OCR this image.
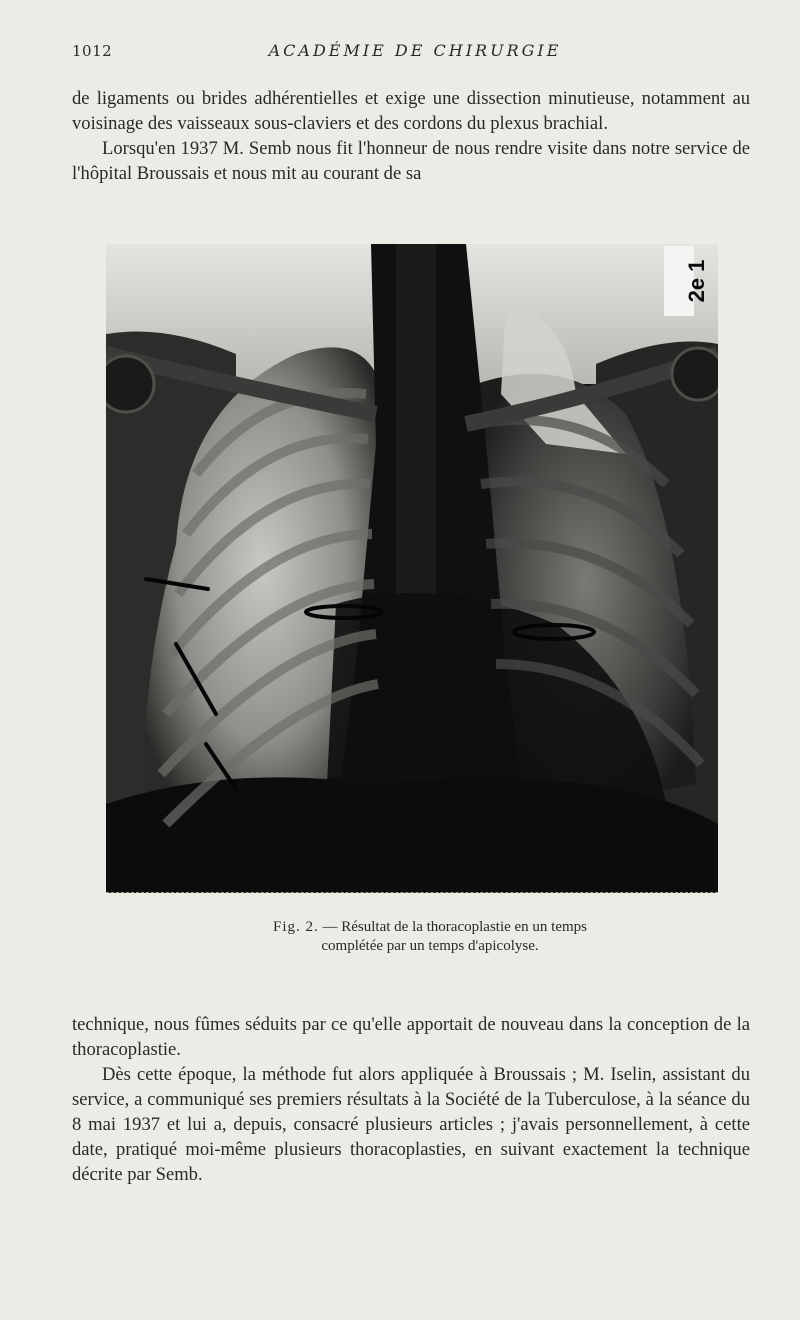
1012	ACADÉMIE DE CHIRURGIE

de ligaments ou brides adhérentielles et exige une dissection minutieuse, notamment au voisinage des vaisseaux sous-claviers et des cordons du plexus brachial.

Lorsqu'en 1937 M. Semb nous fit l'honneur de nous rendre visite dans notre service de l'hôpital Broussais et nous mit au courant de sa

2e 1
Fig. 2. — Résultat de la thoracoplastie en un temps
complétée par un temps d'apicolyse.

technique, nous fûmes séduits par ce qu'elle apportait de nouveau dans la conception de la thoracoplastie.

Dès cette époque, la méthode fut alors appliquée à Broussais ; M. Iselin, assistant du service, a communiqué ses premiers résultats à la Société de la Tuberculose, à la séance du 8 mai 1937 et lui a, depuis, consacré plusieurs articles ; j'avais personnellement, à cette date, pratiqué moi-même plusieurs thoracoplasties, en suivant exactement la technique décrite par Semb.
